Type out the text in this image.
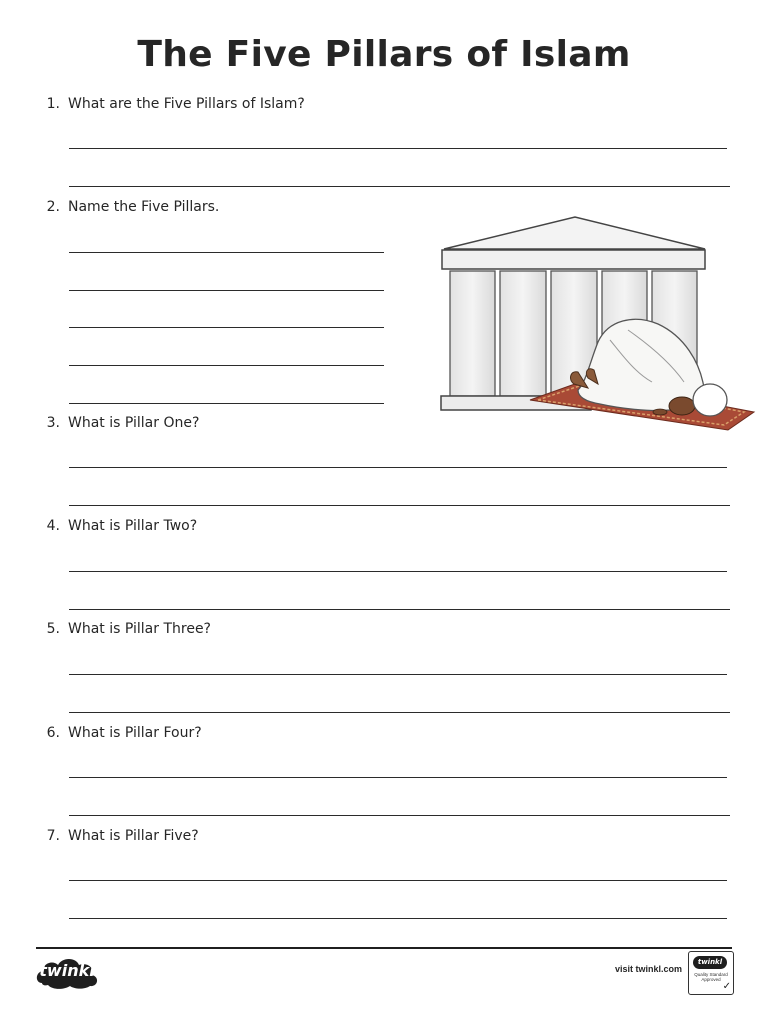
The Five Pillars of Islam
1. What are the Five Pillars of Islam?
2. Name the Five Pillars.
3. What is Pillar One?
4. What is Pillar Two?
5. What is Pillar Three?
6. What is Pillar Four?
7. What is Pillar Five?
twinkl	visit twinkl.com
twinkl
Quality Standard Approved
✓
